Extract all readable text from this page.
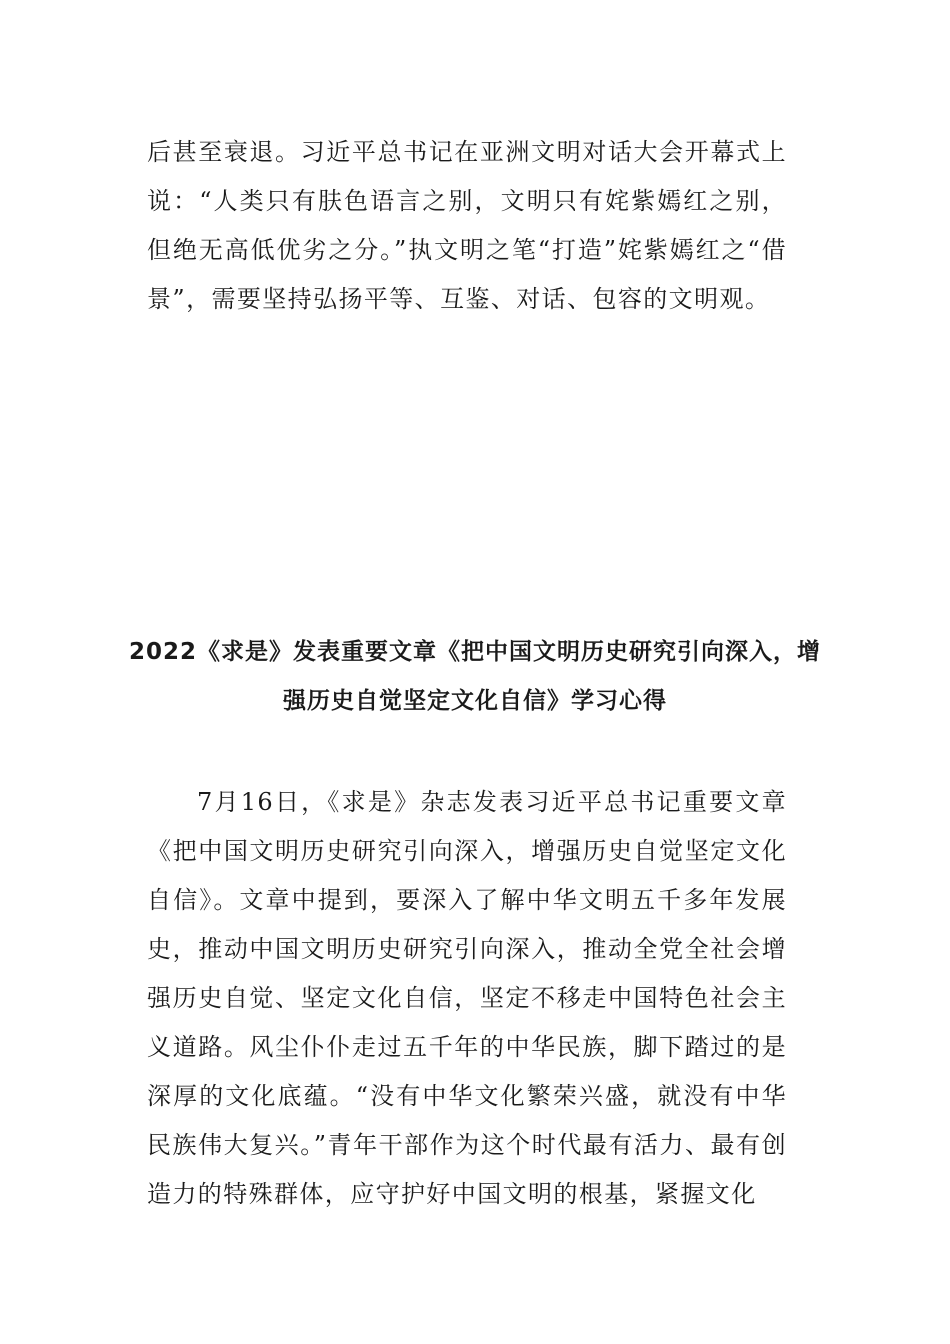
后甚至衰退。习近平总书记在亚洲文明对话大会开幕式上说：“人类只有肤色语言之别，文明只有姹紫嫣红之别，但绝无高低优劣之分。”执文明之笔“打造”姹紫嫣红之“借景”，需要坚持弘扬平等、互鉴、对话、包容的文明观。

2022《求是》发表重要文章《把中国文明历史研究引向深入，增强历史自觉坚定文化自信》学习心得

7月16日，《求是》杂志发表习近平总书记重要文章《把中国文明历史研究引向深入，增强历史自觉坚定文化自信》。文章中提到，要深入了解中华文明五千多年发展史，推动中国文明历史研究引向深入，推动全党全社会增强历史自觉、坚定文化自信，坚定不移走中国特色社会主义道路。风尘仆仆走过五千年的中华民族，脚下踏过的是深厚的文化底蕴。“没有中华文化繁荣兴盛，就没有中华民族伟大复兴。”青年干部作为这个时代最有活力、最有创造力的特殊群体，应守护好中国文明的根基，紧握文化
